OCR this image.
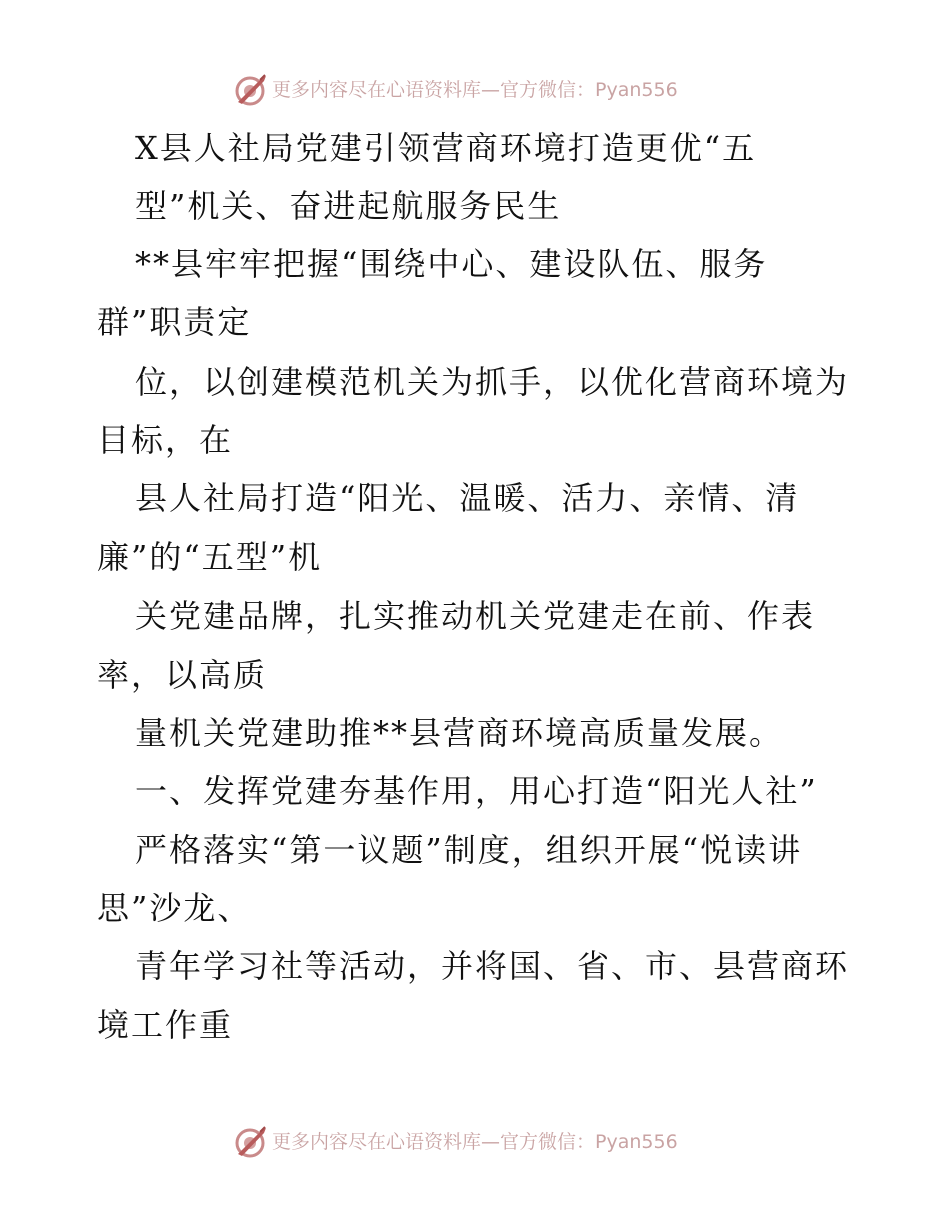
更多内容尽在心语资料库—官方微信：Pyan556
X县人社局党建引领营商环境打造更优“五
型”机关、奋进起航服务民生
**县牢牢把握“围绕中心、建设队伍、服务
群”职责定
位，以创建模范机关为抓手，以优化营商环境为
目标，在
县人社局打造“阳光、温暖、活力、亲情、清
廉”的“五型”机
关党建品牌，扎实推动机关党建走在前、作表
率，以高质
量机关党建助推**县营商环境高质量发展。
一、发挥党建夯基作用，用心打造“阳光人社”
严格落实“第一议题”制度，组织开展“悦读讲
思”沙龙、
青年学习社等活动，并将国、省、市、县营商环
境工作重
更多内容尽在心语资料库—官方微信：Pyan556
